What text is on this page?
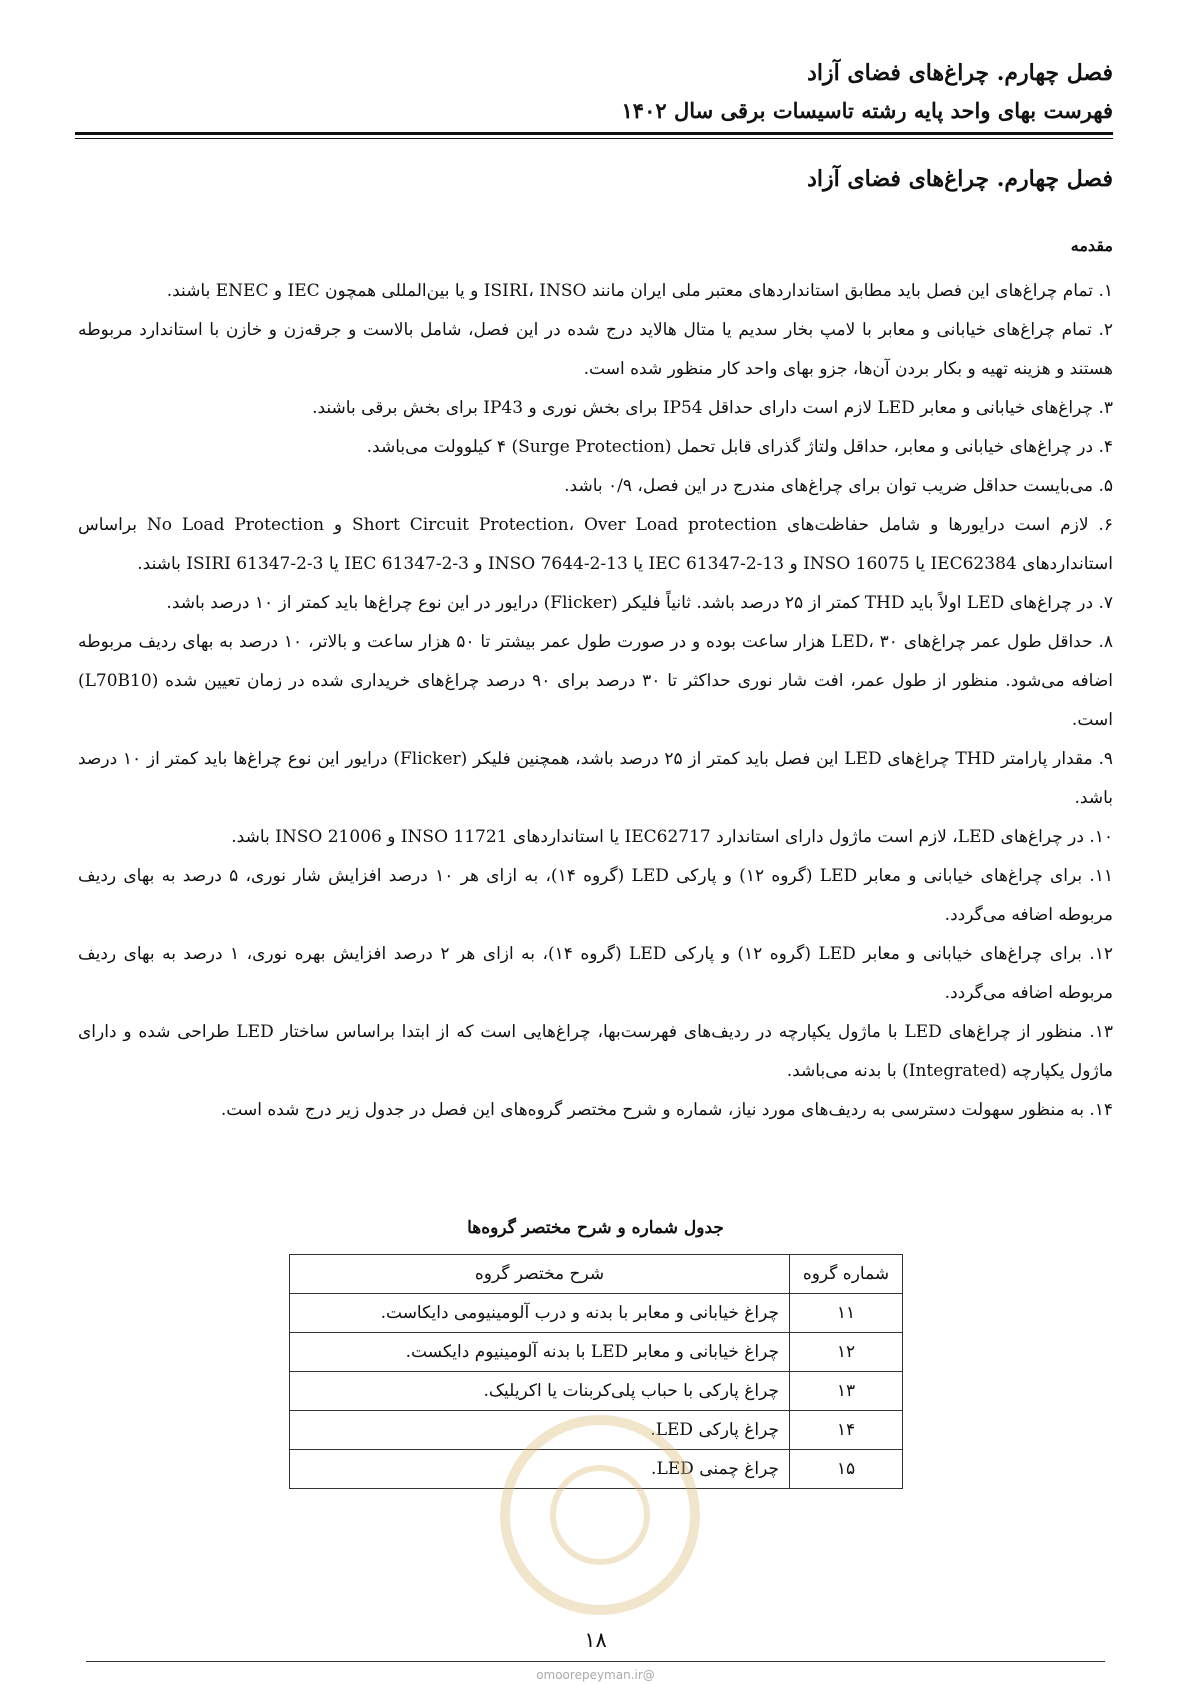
فصل چهارم. چراغ‌های فضای آزاد
فهرست بهای واحد پایه رشته تاسیسات برقی سال ۱۴۰۲
فصل چهارم. چراغ‌های فضای آزاد
مقدمه

۱. تمام چراغ‌های این فصل باید مطابق استانداردهای معتبر ملی ایران مانند ISIRI، INSO و یا بین‌المللی همچون IEC و ENEC باشند.

۲. تمام چراغ‌های خیابانی و معابر با لامپ بخار سدیم یا متال هالاید درج شده در این فصل، شامل بالاست و جرقه‌زن و خازن با استاندارد مربوطه هستند و هزینه تهیه و بکار بردن آن‌ها، جزو بهای واحد کار منظور شده است.

۳. چراغ‌های خیابانی و معابر LED لازم است دارای حداقل IP54 برای بخش نوری و IP43 برای بخش برقی باشند.

۴. در چراغ‌های خیابانی و معابر، حداقل ولتاژ گذرای قابل تحمل (Surge Protection) ۴ کیلوولت می‌باشد.

۵. می‌بایست حداقل ضریب توان برای چراغ‌های مندرج در این فصل، ۰/۹ باشد.

۶. لازم است درایورها و شامل حفاظت‌های Short Circuit Protection، Over Load protection و No Load Protection براساس استانداردهای IEC62384 یا INSO 16075 و IEC 61347-2-13 یا INSO 7644-2-13 و IEC 61347-2-3 یا ISIRI 61347-2-3 باشند.

۷. در چراغ‌های LED اولاً باید THD کمتر از ۲۵ درصد باشد. ثانیاً فلیکر (Flicker) درایور در این نوع چراغ‌ها باید کمتر از ۱۰ درصد باشد.

۸. حداقل طول عمر چراغ‌های LED، ۳۰ هزار ساعت بوده و در صورت طول عمر بیشتر تا ۵۰ هزار ساعت و بالاتر، ۱۰ درصد به بهای ردیف مربوطه اضافه می‌شود. منظور از طول عمر، افت شار نوری حداکثر تا ۳۰ درصد برای ۹۰ درصد چراغ‌های خریداری شده در زمان تعیین شده (L70B10) است.

۹. مقدار پارامتر THD چراغ‌های LED این فصل باید کمتر از ۲۵ درصد باشد، همچنین فلیکر (Flicker) درایور این نوع چراغ‌ها باید کمتر از ۱۰ درصد باشد.

۱۰. در چراغ‌های LED، لازم است ماژول دارای استاندارد IEC62717 یا استانداردهای INSO 11721 و INSO 21006 باشد.

۱۱. برای چراغ‌های خیابانی و معابر LED (گروه ۱۲) و پارکی LED (گروه ۱۴)، به ازای هر ۱۰ درصد افزایش شار نوری، ۵ درصد به بهای ردیف مربوطه اضافه می‌گردد.

۱۲. برای چراغ‌های خیابانی و معابر LED (گروه ۱۲) و پارکی LED (گروه ۱۴)، به ازای هر ۲ درصد افزایش بهره نوری، ۱ درصد به بهای ردیف مربوطه اضافه می‌گردد.

۱۳. منظور از چراغ‌های LED با ماژول یکپارچه در ردیف‌های فهرست‌بها، چراغ‌هایی است که از ابتدا براساس ساختار LED طراحی شده و دارای ماژول یکپارچه (Integrated) با بدنه می‌باشد.

۱۴. به منظور سهولت دسترسی به ردیف‌های مورد نیاز، شماره و شرح مختصر گروه‌های این فصل در جدول زیر درج شده است.

جدول شماره و شرح مختصر گروه‌ها
شماره گروه	شرح مختصر گروه
۱۱	چراغ خیابانی و معابر با بدنه و درب آلومینیومی دایکاست.
۱۲	چراغ خیابانی و معابر LED با بدنه آلومینیوم دایکست.
۱۳	چراغ پارکی با حباب پلی‌کربنات یا اکریلیک.
۱۴	چراغ پارکی LED.
۱۵	چراغ چمنی LED.
۱۸
@omoorepeyman.ir
